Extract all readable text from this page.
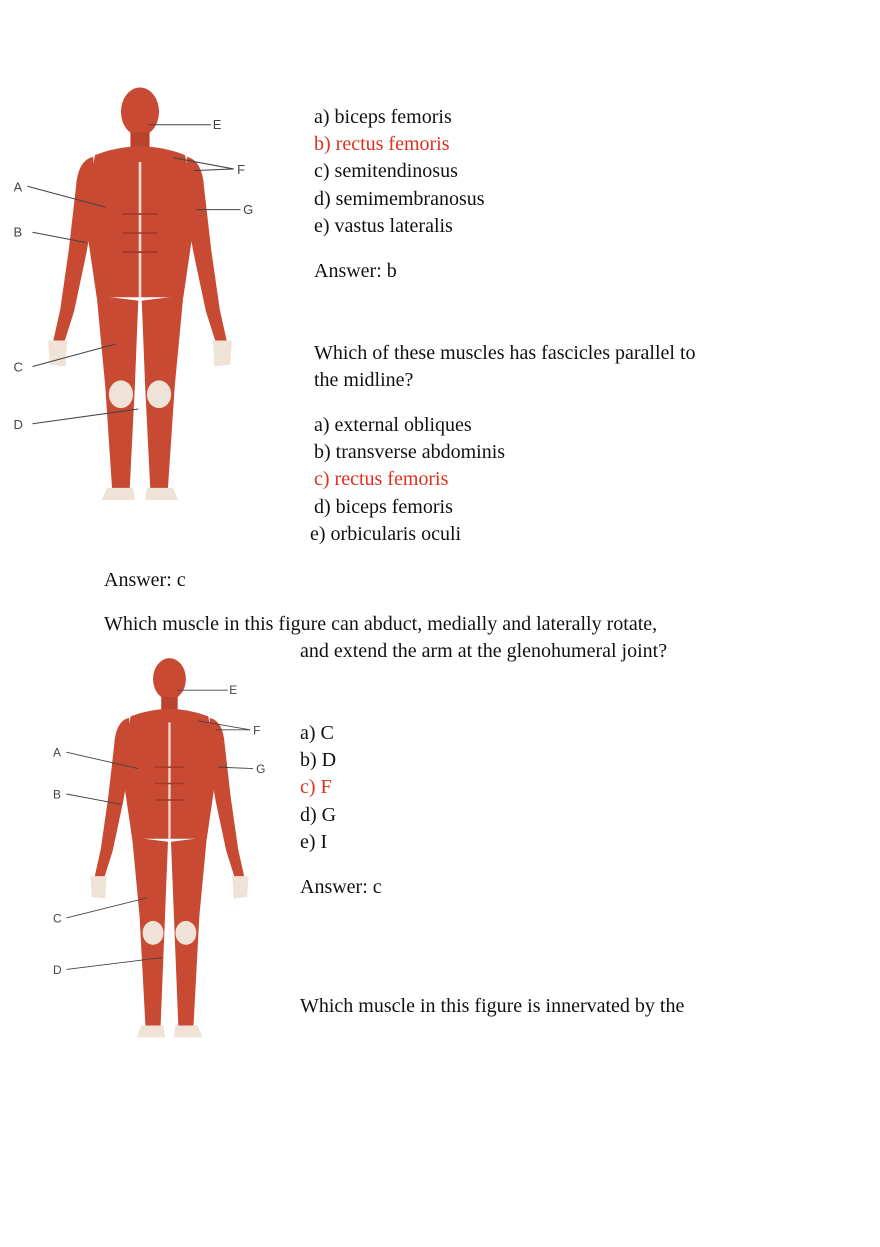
A
B
C
D
E
F
G
a) biceps femoris
b) rectus femoris
c) semitendinosus
d) semimembranosus
e) vastus lateralis
Answer: b
Which of these muscles has fascicles parallel to
the midline?
a) external obliques
b) transverse abdominis
c) rectus femoris
d) biceps femoris
e) orbicularis oculi
Answer: c
Which muscle in this figure can abduct, medially and laterally rotate,
and extend the arm at the glenohumeral joint?
A
B
C
D
E
F
G
a) C
b) D
c) F
d) G
e) I
Answer: c
Which muscle in this figure is innervated by the
